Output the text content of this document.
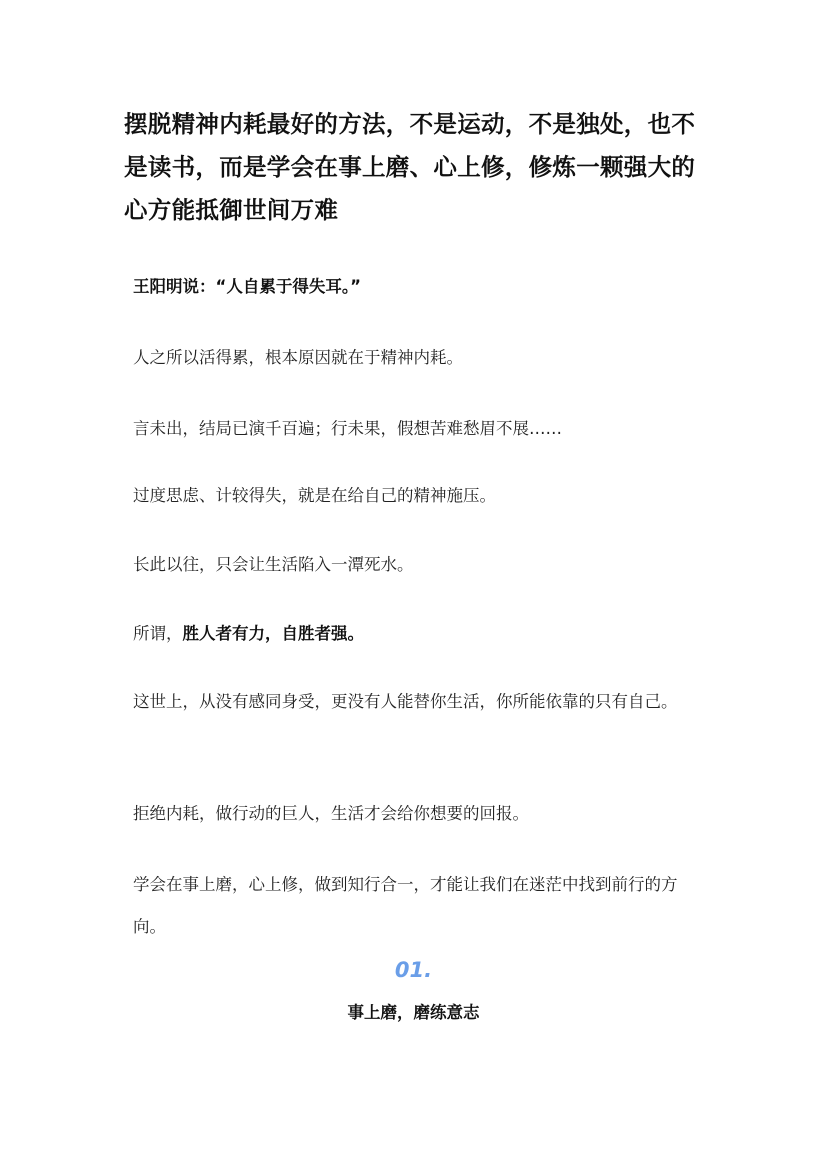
摆脱精神内耗最好的方法，不是运动，不是独处，也不是读书，而是学会在事上磨、心上修，修炼一颗强大的心方能抵御世间万难
王阳明说：“人自累于得失耳。”
人之所以活得累，根本原因就在于精神内耗。
言未出，结局已演千百遍；行未果，假想苦难愁眉不展……
过度思虑、计较得失，就是在给自己的精神施压。
长此以往，只会让生活陷入一潭死水。
所谓，胜人者有力，自胜者强。
这世上，从没有感同身受，更没有人能替你生活，你所能依靠的只有自己。
拒绝内耗，做行动的巨人，生活才会给你想要的回报。
学会在事上磨，心上修，做到知行合一，才能让我们在迷茫中找到前行的方向。
01.
事上磨，磨练意志
